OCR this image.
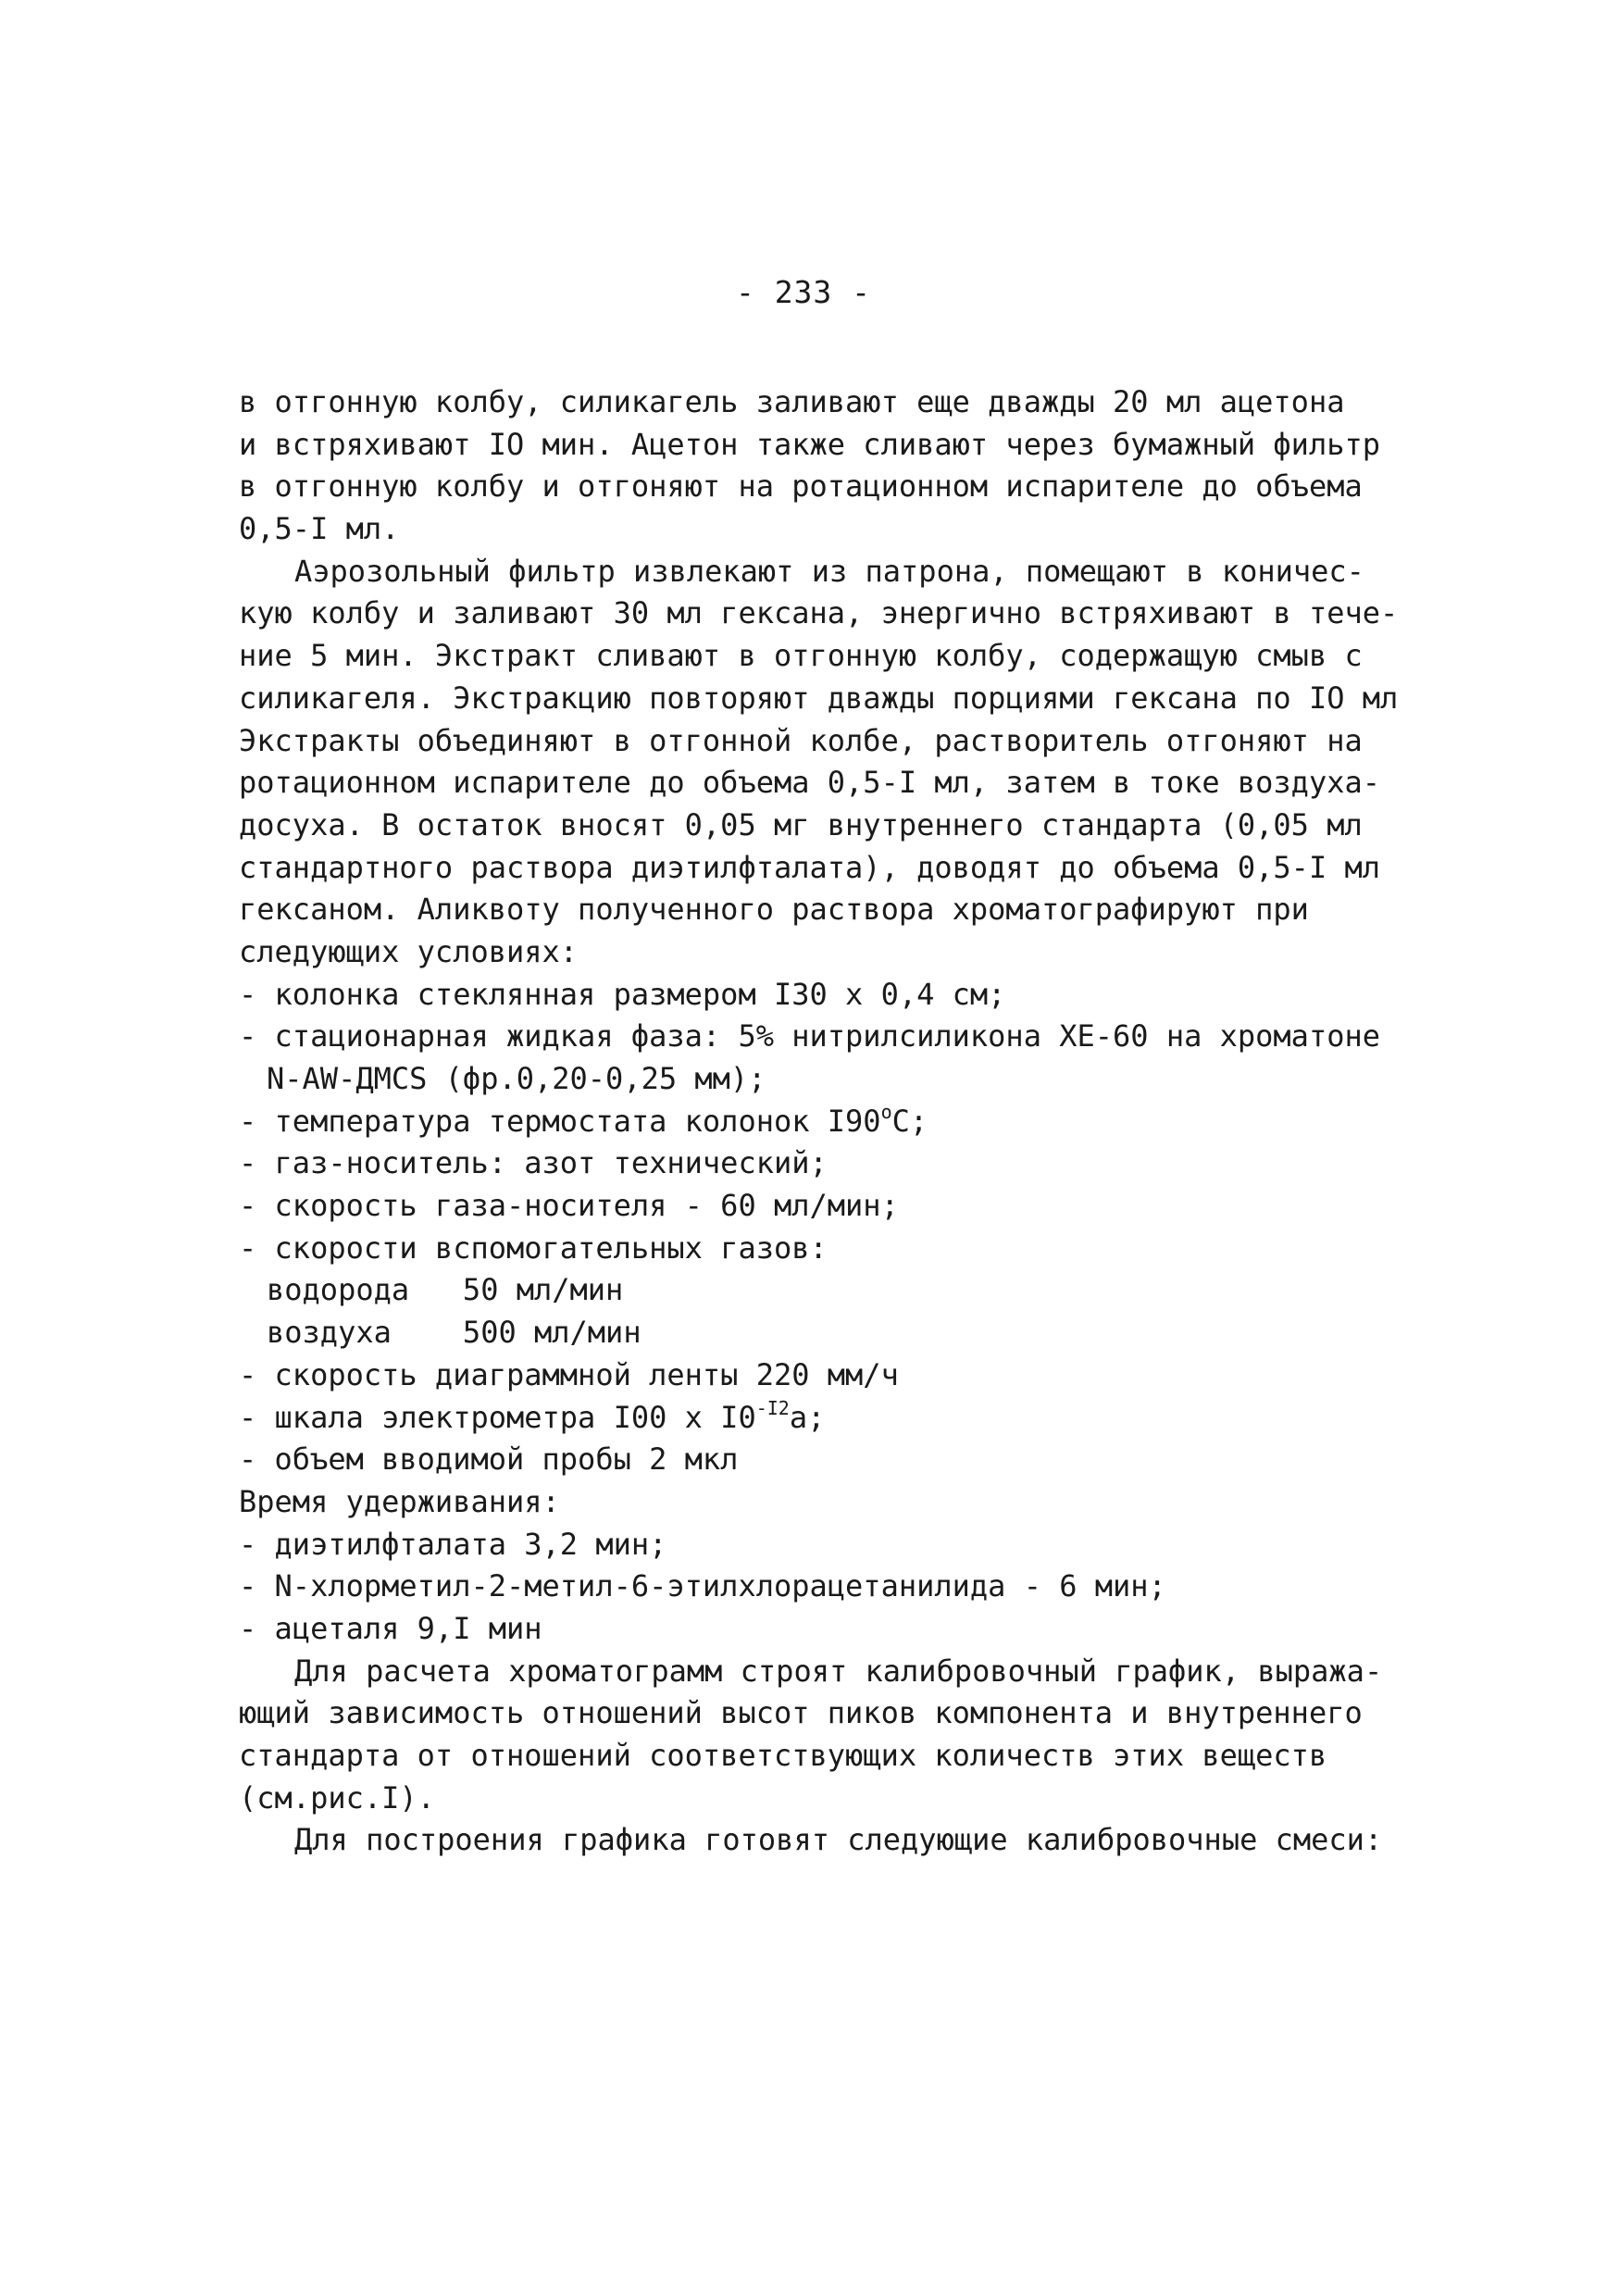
- 233 -
в отгонную колбу, силикагель заливают еще дважды 20 мл ацетона
и встряхивают IO мин. Ацетон также сливают через бумажный фильтр
в отгонную колбу и отгоняют на ротационном испарителе до объема
0,5-I мл.
Аэрозольный фильтр извлекают из патрона, помещают в коничес-
кую колбу и заливают 30 мл гексана, энергично встряхивают в тече-
ние 5 мин. Экстракт сливают в отгонную колбу, содержащую смыв с
силикагеля. Экстракцию повторяют дважды порциями гексана по IO мл
Экстракты объединяют в отгонной колбе, растворитель отгоняют на
ротационном испарителе до объема 0,5-I мл, затем в токе воздуха-
досуха. В остаток вносят 0,05 мг внутреннего стандарта (0,05 мл
стандартного раствора диэтилфталата), доводят до объема 0,5-I мл
гексаном. Аликвоту полученного раствора хроматографируют при
следующих условиях:
- колонка стеклянная размером I30 x 0,4 см;
- стационарная жидкая фаза: 5% нитрилсиликона XE-60 на хроматоне
N-AW-ДМСS (фр.0,20-0,25 мм);
- температура термостата колонок I90$^o$C;
- газ-носитель: азот технический;
- скорость газа-носителя - 60 мл/мин;
- скорости вспомогательных газов:
водорода   50 мл/мин
воздуха    500 мл/мин
- скорость диаграммной ленты 220 мм/ч
- шкала электрометра I00 x $I0^{-I2}а$;
- объем вводимой пробы 2 мкл
Время удерживания:
- диэтилфталата 3,2 мин;
- N-хлорметил-2-метил-6-этилхлорацетанилида - 6 мин;
- ацеталя 9,I мин
Для расчета хроматограмм строят калибровочный график, выража-
ющий зависимость отношений высот пиков компонента и внутреннего
стандарта от отношений соответствующих количеств этих веществ
(см.рис.I).
Для построения графика готовят следующие калибровочные смеси:
